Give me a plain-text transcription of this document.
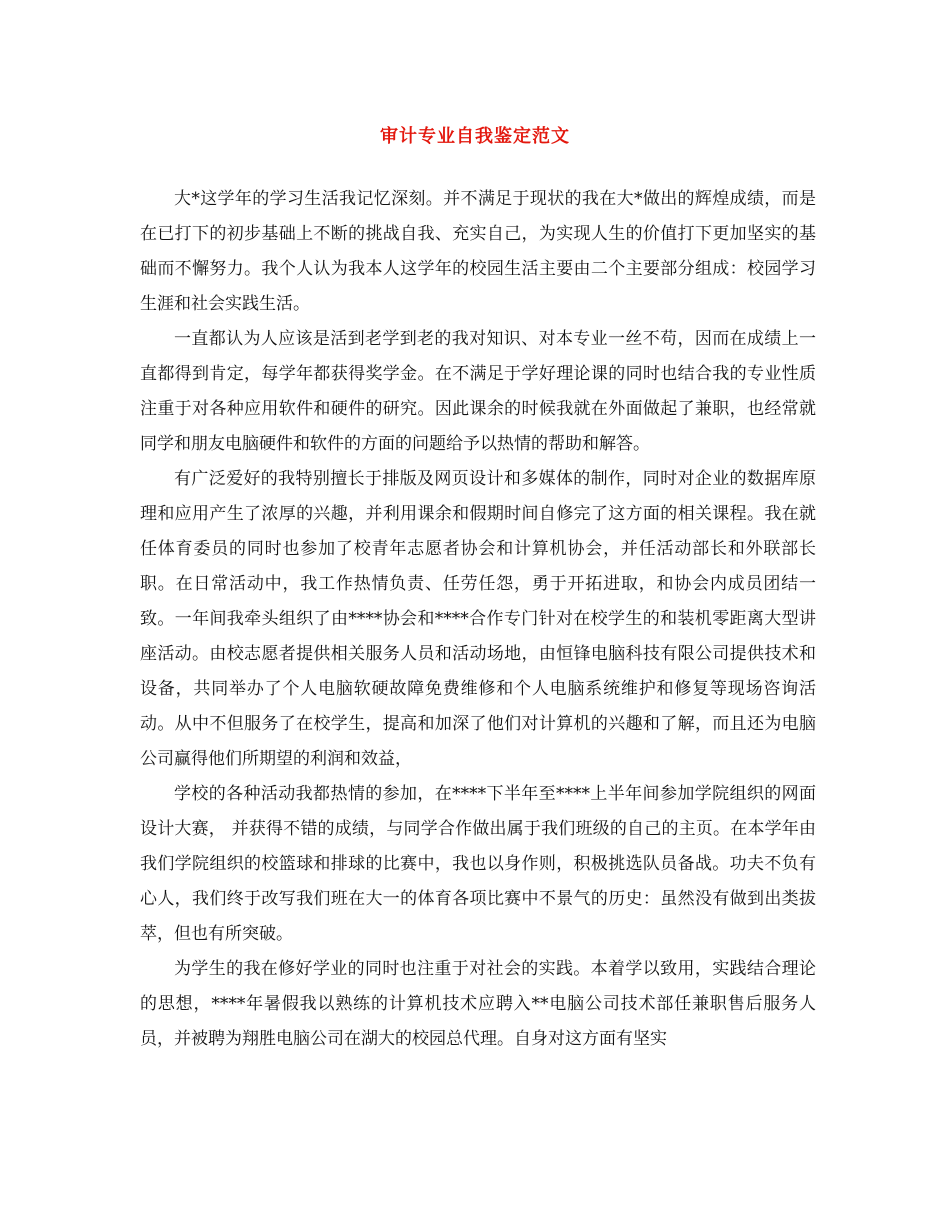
审计专业自我鉴定范文

大*这学年的学习生活我记忆深刻。并不满足于现状的我在大*做出的辉煌成绩，而是在已打下的初步基础上不断的挑战自我、充实自己，为实现人生的价值打下更加坚实的基础而不懈努力。我个人认为我本人这学年的校园生活主要由二个主要部分组成：校园学习生涯和社会实践生活。

一直都认为人应该是活到老学到老的我对知识、对本专业一丝不苟，因而在成绩上一直都得到肯定，每学年都获得奖学金。在不满足于学好理论课的同时也结合我的专业性质注重于对各种应用软件和硬件的研究。因此课余的时候我就在外面做起了兼职，也经常就同学和朋友电脑硬件和软件的方面的问题给予以热情的帮助和解答。

有广泛爱好的我特别擅长于排版及网页设计和多媒体的制作，同时对企业的数据库原理和应用产生了浓厚的兴趣，并利用课余和假期时间自修完了这方面的相关课程。我在就任体育委员的同时也参加了校青年志愿者协会和计算机协会，并任活动部长和外联部长职。在日常活动中，我工作热情负责、任劳任怨，勇于开拓进取，和协会内成员团结一致。一年间我牵头组织了由****协会和****合作专门针对在校学生的和装机零距离大型讲座活动。由校志愿者提供相关服务人员和活动场地，由恒锋电脑科技有限公司提供技术和设备，共同举办了个人电脑软硬故障免费维修和个人电脑系统维护和修复等现场咨询活动。从中不但服务了在校学生，提高和加深了他们对计算机的兴趣和了解，而且还为电脑公司赢得他们所期望的利润和效益，

学校的各种活动我都热情的参加，在****下半年至****上半年间参加学院组织的网面设计大赛， 并获得不错的成绩，与同学合作做出属于我们班级的自己的主页。在本学年由我们学院组织的校篮球和排球的比赛中，我也以身作则，积极挑选队员备战。功夫不负有心人，我们终于改写我们班在大一的体育各项比赛中不景气的历史：虽然没有做到出类拔萃，但也有所突破。

为学生的我在修好学业的同时也注重于对社会的实践。本着学以致用，实践结合理论的思想，****年暑假我以熟练的计算机技术应聘入**电脑公司技术部任兼职售后服务人员，并被聘为翔胜电脑公司在湖大的校园总代理。自身对这方面有坚实
